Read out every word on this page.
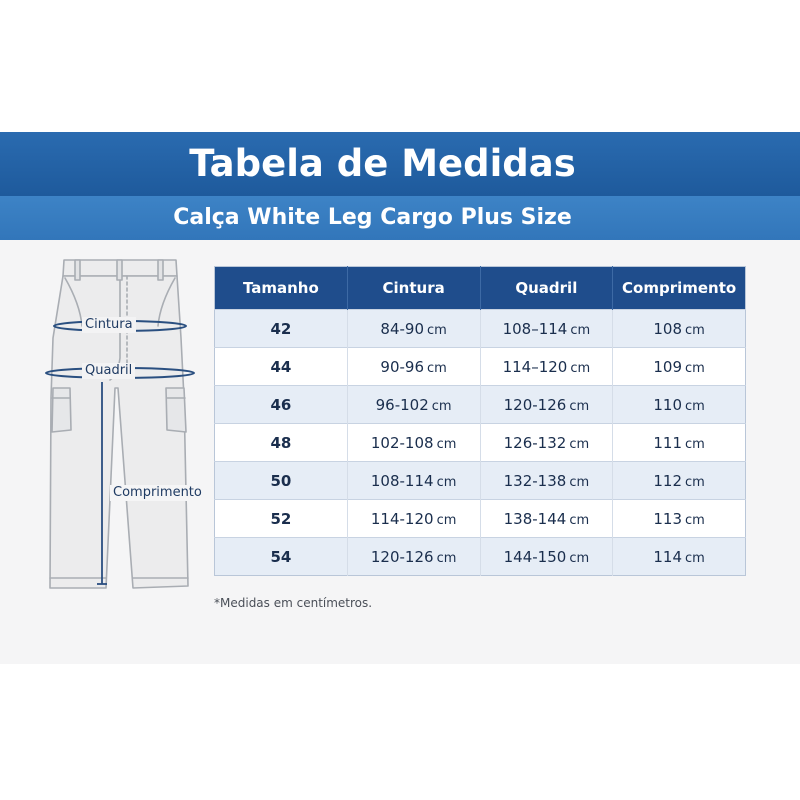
Tabela de Medidas
Calça White Leg Cargo Plus Size
Cintura
Quadril
Comprimento
Tamanho	Cintura	Quadril	Comprimento
42	84-90 cm	108–114 cm	108 cm
44	90-96 cm	114–120 cm	109 cm
46	96-102 cm	120-126 cm	110 cm
48	102-108 cm	126-132 cm	111 cm
50	108-114 cm	132-138 cm	112 cm
52	114-120 cm	138-144 cm	113 cm
54	120-126 cm	144-150 cm	114 cm
*Medidas em centímetros.
